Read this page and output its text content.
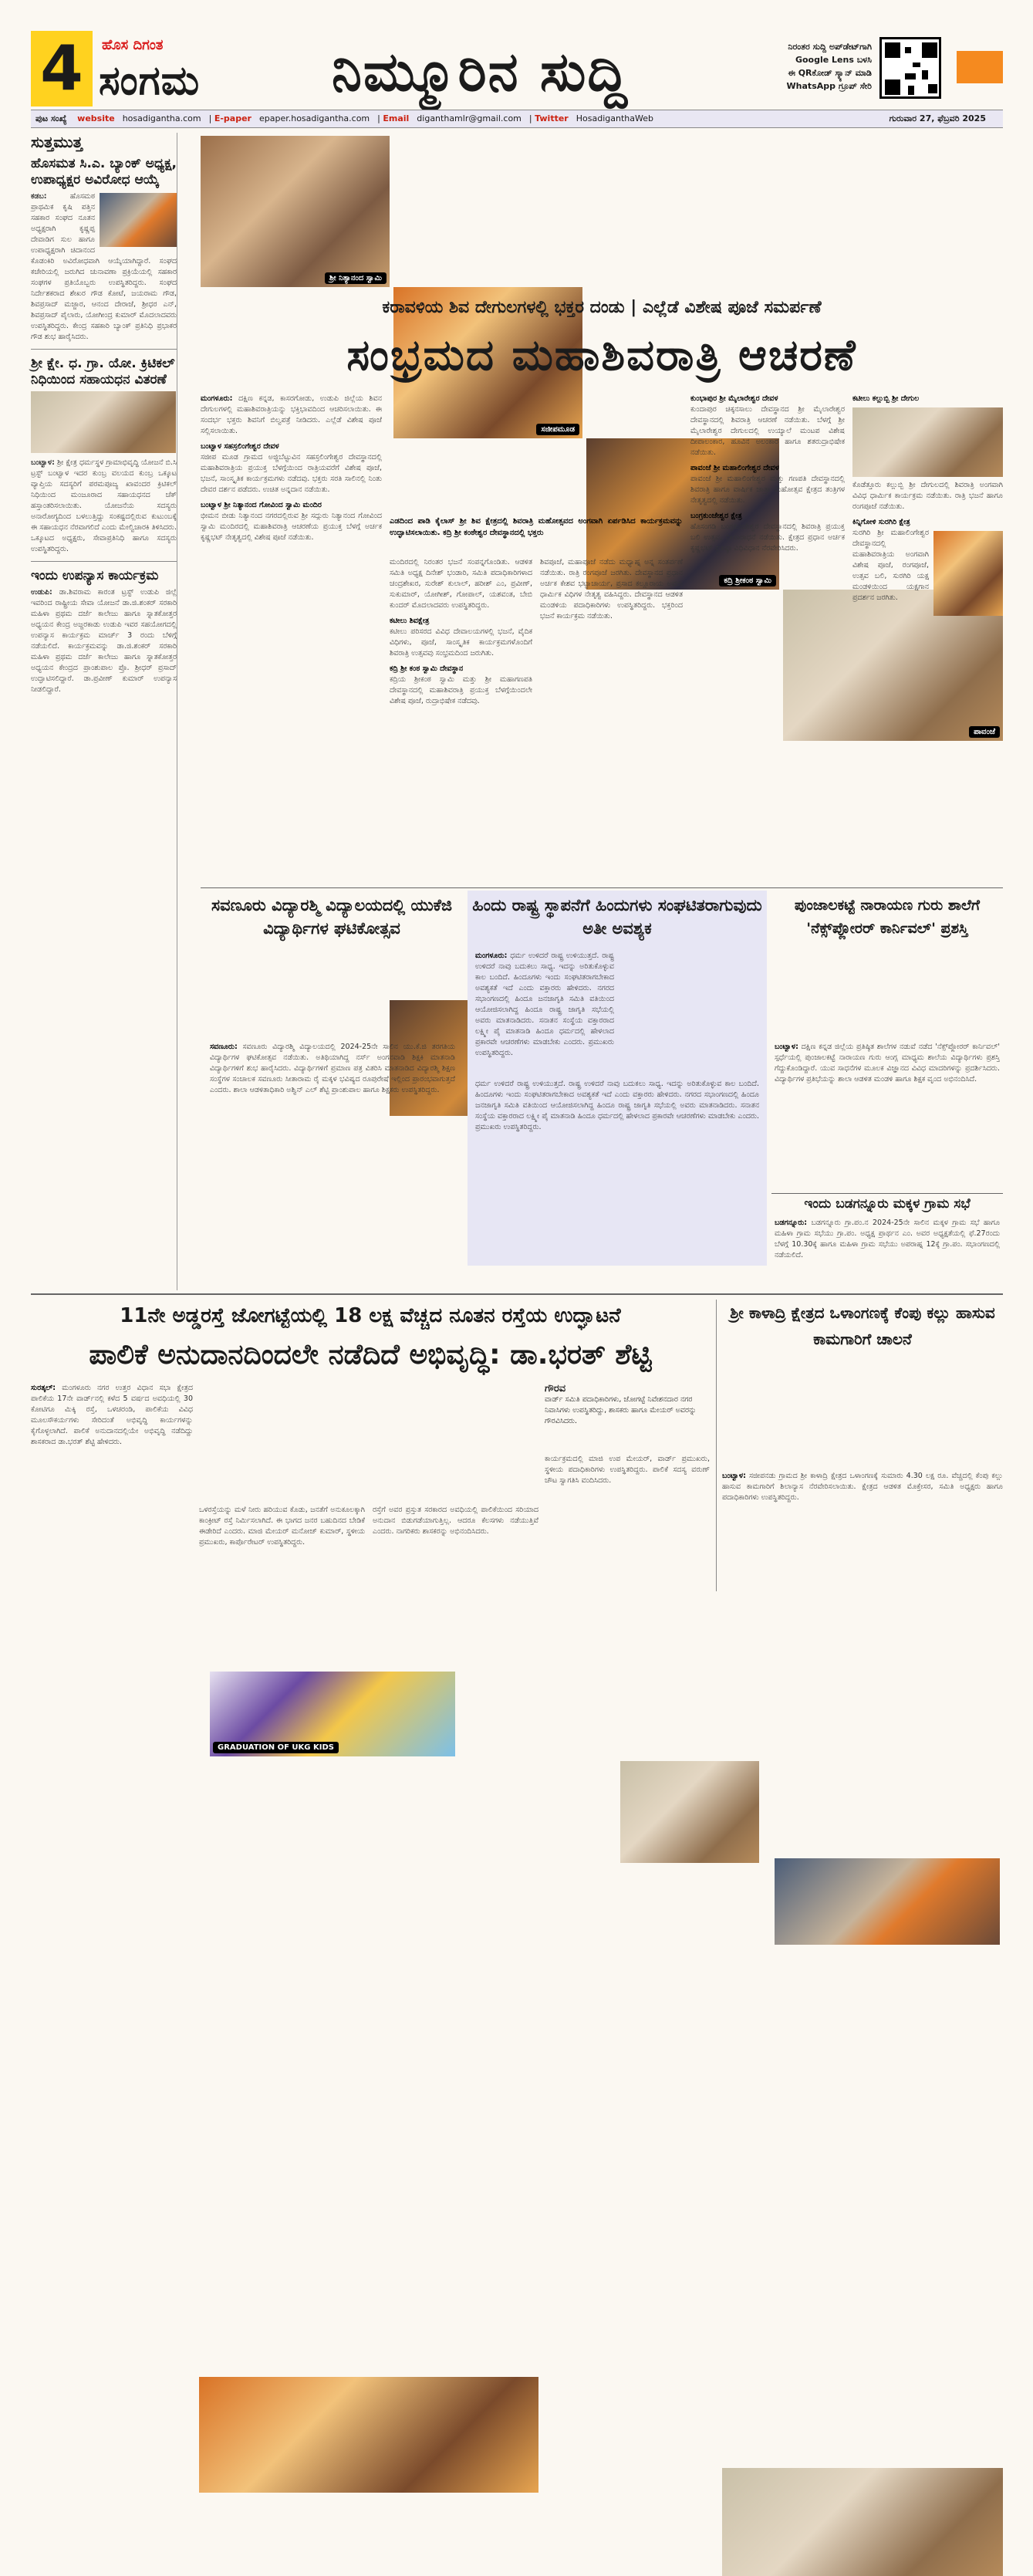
4	ಹೊಸ ದಿಗಂತ
ಸಂಗಮ	ನಿಮ್ಮೂರಿನ ಸುದ್ದಿ	ನಿರಂತರ ಸುದ್ದಿ ಅಪ್‌ಡೇಟ್‌ಗಾಗಿ
Google Lens ಬಳಸಿ
ಈ QRಕೋಡ್ ಸ್ಕ್ಯಾನ್ ಮಾಡಿ
WhatsApp ಗ್ರೂಪ್ ಸೇರಿ
ಪುಟ ಸಂಖ್ಯೆ website hosadigantha.com | E-paper epaper.hosadigantha.com | Email diganthamlr@gmail.com | Twitter HosadiganthaWeb	ಗುರುವಾರ 27, ಫೆಬ್ರವರಿ 2025
ಸುತ್ತಮುತ್ತ
ಹೊಸಮತ ಸಿ.ಎ. ಬ್ಯಾಂಕ್ ಅಧ್ಯಕ್ಷ, ಉಪಾಧ್ಯಕ್ಷರ ಅವಿರೋಧ ಆಯ್ಕೆ
ಕಡಬ:	ಹೊಸಮಠ ಪ್ರಾಥಮಿಕ ಕೃಷಿ ಪತ್ತಿನ ಸಹಕಾರ ಸಂಘದ ನೂತನ ಅಧ್ಯಕ್ಷರಾಗಿ ಕೃಷ್ಣಪ್ಪ ದೇವಾಡಿಗ ಸುಲ ಹಾಗೂ ಉಪಾಧ್ಯಕ್ಷರಾಗಿ ಚಿದಾನಂದ ಕೊಡಂಕಿರಿ ಅವಿರೋಧವಾಗಿ ಆಯ್ಕೆಯಾಗಿದ್ದಾರೆ. ಸಂಘದ ಕಚೇರಿಯಲ್ಲಿ ಜರುಗಿದ ಚುನಾವಣಾ ಪ್ರಕ್ರಿಯೆಯಲ್ಲಿ ಸಹಕಾರ ಸಂಘಗಳ ಪ್ರತಿಯೊಬ್ಬರು ಉಪಸ್ಥಿತರಿದ್ದರು. ಸಂಘದ ನಿರ್ದೇಶಕರಾದ ಶೇಖರ ಗೌಡ ಕೋಟೆ, ಜಯರಾಮ ಗೌಡ, ಶಿವಪ್ರಸಾದ್ ಮಜ್ಜಾರ, ಆನಂದ ದೇರಾಜೆ, ಶ್ರೀಧರ ಎನ್, ಶಿವಪ್ರಸಾದ್ ಪೈಲಾರು, ಯೋಗೀಂದ್ರ ಕುಮಾರ್ ಮೊದಲಾದವರು ಉಪಸ್ಥಿತರಿದ್ದರು. ಕೇಂದ್ರ ಸಹಕಾರಿ ಬ್ಯಾಂಕ್ ಪ್ರತಿನಿಧಿ ಪ್ರಭಾಕರ ಗೌಡ ಶುಭ ಹಾರೈಸಿದರು.
ಶ್ರೀ ಕ್ಷೇ. ಧ. ಗ್ರಾ. ಯೋ. ಕ್ರಿಟಿಕಲ್ ನಿಧಿಯಿಂದ ಸಹಾಯಧನ ವಿತರಣೆ
ಬಂಟ್ವಾಳ: ಶ್ರೀ ಕ್ಷೇತ್ರ ಧರ್ಮಸ್ಥಳ ಗ್ರಾಮಾಭಿವೃದ್ಧಿ ಯೋಜನೆ ಬಿ.ಸಿ ಟ್ರಸ್ಟ್ ಬಂಟ್ವಾಳ ಇದರ ಕುಂಬ್ರ ವಲಯದ ಕುಂಬ್ರ ಒಕ್ಕೂಟ ವ್ಯಾಪ್ತಿಯ ಸದಸ್ಯರಿಗೆ ಪರಮಪೂಜ್ಯ ಖಾವಂದರ ಕ್ರಿಟಿಕಲ್ ನಿಧಿಯಿಂದ ಮಂಜೂರಾದ ಸಹಾಯಧನದ ಚೆಕ್ ಹಸ್ತಾಂತರಿಸಲಾಯಿತು. ಯೋಜನೆಯ ಸದಸ್ಯರು ಅನಾರೋಗ್ಯದಿಂದ ಬಳಲುತ್ತಿದ್ದು ಸಂಕಷ್ಟದಲ್ಲಿರುವ ಕುಟುಂಬಕ್ಕೆ ಈ ಸಹಾಯಧನ ನೆರವಾಗಲಿದೆ ಎಂದು ಮೇಲ್ವಿಚಾರಕಿ ತಿಳಿಸಿದರು. ಒಕ್ಕೂಟದ ಅಧ್ಯಕ್ಷರು, ಸೇವಾಪ್ರತಿನಿಧಿ ಹಾಗೂ ಸದಸ್ಯರು ಉಪಸ್ಥಿತರಿದ್ದರು.
ಇಂದು ಉಪನ್ಯಾಸ ಕಾರ್ಯಕ್ರಮ
ಉಡುಪಿ: ಡಾ.ಶಿವರಾಮ ಕಾರಂತ ಟ್ರಸ್ಟ್ ಉಡುಪಿ ಜಿಲ್ಲೆ ಇವರಿಂದ ರಾಷ್ಟ್ರೀಯ ಸೇವಾ ಯೋಜನೆ ಡಾ.ಜಿ.ಶಂಕರ್ ಸರಕಾರಿ ಮಹಿಳಾ ಪ್ರಥಮ ದರ್ಜೆ ಕಾಲೇಜು ಹಾಗೂ ಸ್ನಾತಕೋತ್ತರ ಅಧ್ಯಯನ ಕೇಂದ್ರ ಅಜ್ಜರಕಾಡು ಉಡುಪಿ ಇವರ ಸಹಯೋಗದಲ್ಲಿ ಉಪನ್ಯಾಸ ಕಾರ್ಯಕ್ರಮ ಮಾರ್ಚ್ 3 ರಂದು ಬೆಳಿಗ್ಗೆ ನಡೆಯಲಿದೆ. ಕಾರ್ಯಕ್ರಮವನ್ನು ಡಾ.ಜಿ.ಶಂಕರ್ ಸರಕಾರಿ ಮಹಿಳಾ ಪ್ರಥಮ ದರ್ಜೆ ಕಾಲೇಜು ಹಾಗೂ ಸ್ನಾತಕೋತ್ತರ ಅಧ್ಯಯನ ಕೇಂದ್ರದ ಪ್ರಾಂಶುಪಾಲ ಪ್ರೊ. ಶ್ರೀಧರ್ ಪ್ರಸಾದ್ ಉದ್ಘಾಟಿಸಲಿದ್ದಾರೆ. ಡಾ.ಪ್ರವೀಣ್ ಕುಮಾರ್ ಉಪನ್ಯಾಸ ನೀಡಲಿದ್ದಾರೆ.
ಶ್ರೀ ನಿತ್ಯಾನಂದ ಸ್ವಾಮಿ
ಸಜೀಪಮೂಡ
ಕದ್ರಿ ಶ್ರೀಕಂಠ ಸ್ವಾಮಿ
ಪಾವಂಜೆ
ಕರಾವಳಿಯ ಶಿವ ದೇಗುಲಗಳಲ್ಲಿ ಭಕ್ತರ ದಂಡು | ಎಲ್ಲೆಡೆ ವಿಶೇಷ ಪೂಜೆ ಸಮರ್ಪಣೆ
ಸಂಭ್ರಮದ ಮಹಾಶಿವರಾತ್ರಿ ಆಚರಣೆ
ಮಂಗಳೂರು: ದಕ್ಷಿಣ ಕನ್ನಡ, ಕಾಸರಗೋಡು, ಉಡುಪಿ ಜಿಲ್ಲೆಯ ಶಿವನ ದೇಗುಲಗಳಲ್ಲಿ ಮಹಾಶಿವರಾತ್ರಿಯನ್ನು ಭಕ್ತಿಭಾವದಿಂದ ಆಚರಿಸಲಾಯಿತು. ಈ ಸಂದರ್ಭ ಭಕ್ತರು ಶಿವನಿಗೆ ಬಿಲ್ವಪತ್ರೆ ನೀಡಿದರು. ಎಲ್ಲೆಡೆ ವಿಶೇಷ ಪೂಜೆ ಸಲ್ಲಿಸಲಾಯಿತು.
ಬಂಟ್ವಾಳ ಸಹಸ್ರಲಿಂಗೇಶ್ವರ ದೇವಳ
ಸಜೀಪ ಮೂಡ ಗ್ರಾಮದ ಅಜ್ಜಿಬೆಟ್ಟುವಿನ ಸಹಸ್ರಲಿಂಗೇಶ್ವರ ದೇವಸ್ಥಾನದಲ್ಲಿ ಮಹಾಶಿವರಾತ್ರಿಯ ಪ್ರಯುಕ್ತ ಬೆಳಗ್ಗೆಯಿಂದ ರಾತ್ರಿಯವರೆಗೆ ವಿಶೇಷ ಪೂಜೆ, ಭಜನೆ, ಸಾಂಸ್ಕೃತಿಕ ಕಾರ್ಯಕ್ರಮಗಳು ನಡೆದವು. ಭಕ್ತರು ಸರತಿ ಸಾಲಿನಲ್ಲಿ ನಿಂತು ದೇವರ ದರ್ಶನ ಪಡೆದರು. ಉಚಿತ ಅನ್ನದಾನ ನಡೆಯಿತು.
ಬಂಟ್ವಾಳ ಶ್ರೀ ನಿತ್ಯಾನಂದ ಗೋವಿಂದ ಸ್ವಾಮಿ ಮಂದಿರ
ಭೀಮನ ಬೀಡು ನಿತ್ಯಾನಂದ ನಗರದಲ್ಲಿರುವ ಶ್ರೀ ಸದ್ಗುರು ನಿತ್ಯಾನಂದ ಗೋವಿಂದ ಸ್ವಾಮಿ ಮಂದಿರದಲ್ಲಿ ಮಹಾಶಿವರಾತ್ರಿ ಆಚರಣೆಯ ಪ್ರಯುಕ್ತ ಬೆಳಗ್ಗೆ ಅರ್ಚಕ ಕೃಷ್ಣಭಟ್ ನೇತೃತ್ವದಲ್ಲಿ ವಿಶೇಷ ಪೂಜೆ ನಡೆಯಿತು.
ಎಡದಿಂದ ಪಾಡಿ ಕೈಲಾಸ್ ಶ್ರೀ ಶಿವ ಕ್ಷೇತ್ರದಲ್ಲಿ ಶಿವರಾತ್ರಿ ಮಹೋತ್ಸವದ ಅಂಗವಾಗಿ ಏರ್ಪಡಿಸಿದ ಕಾರ್ಯಕ್ರಮವನ್ನು ಉದ್ಘಾಟಿಸಲಾಯಿತು. ಕದ್ರಿ ಶ್ರೀ ಕಂಠೇಶ್ವರ ದೇವಸ್ಥಾನದಲ್ಲಿ ಭಕ್ತರು
ಮಂದಿರದಲ್ಲಿ ನಿರಂತರ ಭಜನೆ ಸಂಪನ್ನಗೊಂಡಿತು. ಆಡಳಿತ ಸಮಿತಿ ಅಧ್ಯಕ್ಷ ದಿನೇಶ್ ಭಂಡಾರಿ, ಸಮಿತಿ ಪದಾಧಿಕಾರಿಗಳಾದ ಚಂದ್ರಶೇಖರ, ಸುರೇಶ್ ಕುಲಾಲ್, ಹರೀಶ್ ಎಂ, ಪ್ರವೀಣ್, ಸುಕುಮಾರ್, ಯೋಗೀಶ್, ಗೋಪಾಲ್, ಯಶವಂತ, ಬೇಬಿ ಕುಂದರ್ ಮೊದಲಾದವರು ಉಪಸ್ಥಿತರಿದ್ದರು.
ಕಟೀಲು ಶಿವಕ್ಷೇತ್ರ
ಕಟೀಲು ಪರಿಸರದ ವಿವಿಧ ದೇವಾಲಯಗಳಲ್ಲಿ ಭಜನೆ, ವೈದಿಕ ವಿಧಿಗಳು, ಪೂಜೆ, ಸಾಂಸ್ಕೃತಿಕ ಕಾರ್ಯಕ್ರಮಗಳೊಂದಿಗೆ ಶಿವರಾತ್ರಿ ಉತ್ಸವವು ಸಂಭ್ರಮದಿಂದ ಜರುಗಿತು.
ಕದ್ರಿ ಶ್ರೀ ಕಂಠ ಸ್ವಾಮಿ ದೇವಸ್ಥಾನ
ಕದ್ರಿಯ ಶ್ರೀಕಂಠ ಸ್ವಾಮಿ ಮತ್ತು ಶ್ರೀ ಮಹಾಗಣಪತಿ ದೇವಸ್ಥಾನದಲ್ಲಿ ಮಹಾಶಿವರಾತ್ರಿ ಪ್ರಯುಕ್ತ ಬೆಳಗ್ಗೆಯಿಂದಲೇ ವಿಶೇಷ ಪೂಜೆ, ರುದ್ರಾಭಿಷೇಕ ನಡೆದವು.
ಶಿವಪೂಜೆ, ಮಹಾಪೂಜೆ ನಡೆದು ಮಧ್ಯಾಹ್ನ ಅನ್ನ ಸಂತರ್ಪಣೆ ನಡೆಯಿತು. ರಾತ್ರಿ ರಂಗಪೂಜೆ ಜರಗಿತು. ದೇವಸ್ಥಾನದ ಪ್ರಧಾನ ಅರ್ಚಕ ಕೇಶವ ಭಟ್ಟಾಚಾರ್ಯ, ಪ್ರಸಾದ ಕಲ್ಲೂರಾಯ ಅವರು ಧಾರ್ಮಿಕ ವಿಧಿಗಳ ನೇತೃತ್ವ ವಹಿಸಿದ್ದರು. ದೇವಸ್ಥಾನದ ಆಡಳಿತ ಮಂಡಳಿಯ ಪದಾಧಿಕಾರಿಗಳು ಉಪಸ್ಥಿತರಿದ್ದರು. ಭಕ್ತರಿಂದ ಭಜನೆ ಕಾರ್ಯಕ್ರಮ ನಡೆಯಿತು.
ಕುಂಭಾಪುರ ಶ್ರೀ ಮೈಲಾರೇಶ್ವರ ದೇವಳ
ಕುಂದಾಪುರ ಚಿಕ್ಕನಸಾಲು ದೇವಸ್ಥಾನದ ಶ್ರೀ ಮೈಲಾರೇಶ್ವರ ದೇವಸ್ಥಾನದಲ್ಲಿ ಶಿವರಾತ್ರಿ ಆಚರಣೆ ನಡೆಯಿತು. ಬೆಳಗ್ಗೆ ಶ್ರೀ ಮೈಲಾರೇಶ್ವರ ದೇಗುಲದಲ್ಲಿ ಉಯ್ಯಾಲೆ ಮಂಟಪ ವಿಶೇಷ ದೀಪಾಲಂಕಾರ, ಹೂವಿನ ಅಲಂಕಾರ ಹಾಗೂ ಶತರುದ್ರಾಭಿಷೇಕ ನಡೆಯಿತು.
ಪಾವಂಜೆ ಶ್ರೀ ಮಹಾಲಿಂಗೇಶ್ವರ ದೇವಳ
ಪಾವಂಜೆ ಶ್ರೀ ಮಹಾಲಿಂಗೇಶ್ವರ ಮತ್ತು ಗಣಪತಿ ದೇವಸ್ಥಾನದಲ್ಲಿ ಶಿವರಾತ್ರಿ ಹಾಗೂ ವಾರ್ಷಿಕ ಜಾತ್ರಾ ಮಹೋತ್ಸವ ಕ್ಷೇತ್ರದ ತಂತ್ರಿಗಳ ನೇತೃತ್ವದಲ್ಲಿ ನಡೆಯಿತು.
ಬಂಗ್ರಕುಂಜೇಶ್ವರ ಕ್ಷೇತ್ರ
ಹೊಸಂಗಡಿ ಬಂಗ್ರಕುಂಜೇಶ್ವರ ದೇವಸ್ಥಾನದಲ್ಲಿ ಶಿವರಾತ್ರಿ ಪ್ರಯುಕ್ತ ಬಲಿ ಉತ್ಸವ, ದೀಪಾರಾಧನೆ ನಡೆಯಿತು. ಕ್ಷೇತ್ರದ ಪ್ರಧಾನ ಅರ್ಚಕ ಕೃಷ್ಣಭಟ್ ಪ್ರತಿಷ್ಠಾ ವಿಧಿವಿಧಾನ ನೆರವೇರಿಸಿದರು.
ಕಟೀಲು ಕಲ್ಲುಬ್ಬಿ ಶ್ರೀ ದೇಗುಲ
ಕೊಡೆತ್ತೂರು ಕಲ್ಲುಬ್ಬಿ ಶ್ರೀ ದೇಗುಲದಲ್ಲಿ ಶಿವರಾತ್ರಿ ಅಂಗವಾಗಿ ವಿವಿಧ ಧಾರ್ಮಿಕ ಕಾರ್ಯಕ್ರಮ ನಡೆಯಿತು. ರಾತ್ರಿ ಭಜನೆ ಹಾಗೂ ರಂಗಪೂಜೆ ನಡೆಯಿತು.
ಕಿನ್ನಿಗೋಳಿ ಸುರಗಿರಿ ಕ್ಷೇತ್ರ
ಸುರಗಿರಿ ಶ್ರೀ ಮಹಾಲಿಂಗೇಶ್ವರ ದೇವಸ್ಥಾನದಲ್ಲಿ ಮಹಾಶಿವರಾತ್ರಿಯ ಅಂಗವಾಗಿ ವಿಶೇಷ ಪೂಜೆ, ರಂಗಪೂಜೆ, ಉತ್ಸವ ಬಲಿ, ಸುರಗಿರಿ ಯಕ್ಷ ಮಂಡಳಿಯಿಂದ ಯಕ್ಷಗಾನ ಪ್ರದರ್ಶನ ಜರಗಿತು.
ಸವಣೂರು ವಿದ್ಯಾರಶ್ಮಿ ವಿದ್ಯಾಲಯದಲ್ಲಿ ಯುಕೆಜಿ ವಿದ್ಯಾರ್ಥಿಗಳ ಘಟಿಕೋತ್ಸವ
GRADUATION OF UKG KIDS
ಸವಣೂರು: ಸವಣೂರು ವಿದ್ಯಾರಶ್ಮಿ ವಿದ್ಯಾಲಯದಲ್ಲಿ 2024-25ನೇ ಸಾಲಿನ ಯು.ಕೆ.ಜಿ ತರಗತಿಯ ವಿದ್ಯಾರ್ಥಿಗಳ ಘಟಿಕೋತ್ಸವ ನಡೆಯಿತು. ಅತಿಥಿಯಾಗಿದ್ದ ನರ್ಸ್ ಅಂಗನವಾಡಿ ಶಿಕ್ಷಕಿ ಮಾತನಾಡಿ ವಿದ್ಯಾರ್ಥಿಗಳಿಗೆ ಶುಭ ಹಾರೈಸಿದರು. ವಿದ್ಯಾರ್ಥಿಗಳಿಗೆ ಪ್ರಮಾಣ ಪತ್ರ ವಿತರಿಸಿ ಮಾತನಾಡಿದ ವಿದ್ಯಾರಶ್ಮಿ ಶಿಕ್ಷಣ ಸಂಸ್ಥೆಗಳ ಸಂಚಾಲಕ ಸವಣೂರು ಸೀತಾರಾಮ ರೈ ಮಕ್ಕಳ ಭವಿಷ್ಯದ ರೂಪುರೇಷೆ ಇಲ್ಲಿಂದ ಪ್ರಾರಂಭವಾಗುತ್ತದೆ ಎಂದರು. ಶಾಲಾ ಆಡಳಿತಾಧಿಕಾರಿ ಅಶ್ವಿನ್ ಎಲ್ ಶೆಟ್ಟಿ ಪ್ರಾಂಶುಪಾಲ ಹಾಗೂ ಶಿಕ್ಷಕರು ಉಪಸ್ಥಿತರಿದ್ದರು.
ಹಿಂದು ರಾಷ್ಟ್ರ ಸ್ಥಾಪನೆಗೆ ಹಿಂದುಗಳು ಸಂಘಟಿತರಾಗುವುದು ಅತೀ ಅವಶ್ಯಕ
ಮಂಗಳೂರು: ಧರ್ಮ ಉಳಿದರೆ ರಾಷ್ಟ್ರ ಉಳಿಯುತ್ತದೆ. ರಾಷ್ಟ್ರ ಉಳಿದರೆ ನಾವು ಬದುಕಲು ಸಾಧ್ಯ. ಇದನ್ನು ಅರಿತುಕೊಳ್ಳುವ ಕಾಲ ಬಂದಿದೆ. ಹಿಂದೂಗಳು ಇಂದು ಸಂಘಟಿತರಾಗಬೇಕಾದ ಅವಶ್ಯಕತೆ ಇದೆ ಎಂದು ವಕ್ತಾರರು ಹೇಳಿದರು. ನಗರದ ಸಭಾಂಗಣದಲ್ಲಿ ಹಿಂದೂ ಜನಜಾಗೃತಿ ಸಮಿತಿ ವತಿಯಿಂದ ಆಯೋಜಿಸಲಾಗಿದ್ದ ಹಿಂದೂ ರಾಷ್ಟ್ರ ಜಾಗೃತಿ ಸಭೆಯಲ್ಲಿ ಅವರು ಮಾತನಾಡಿದರು. ಸನಾತನ ಸಂಸ್ಥೆಯ ವಕ್ತಾರರಾದ ಲಕ್ಷ್ಮೀ ಪೈ ಮಾತನಾಡಿ ಹಿಂದೂ ಧರ್ಮದಲ್ಲಿ ಹೇಳಲಾದ ಪ್ರಕಾರವೇ ಆಚರಣೆಗಳು ಮಾಡಬೇಕು ಎಂದರು. ಪ್ರಮುಖರು ಉಪಸ್ಥಿತರಿದ್ದರು.
ಧರ್ಮ ಉಳಿದರೆ ರಾಷ್ಟ್ರ ಉಳಿಯುತ್ತದೆ. ರಾಷ್ಟ್ರ ಉಳಿದರೆ ನಾವು ಬದುಕಲು ಸಾಧ್ಯ. ಇದನ್ನು ಅರಿತುಕೊಳ್ಳುವ ಕಾಲ ಬಂದಿದೆ. ಹಿಂದೂಗಳು ಇಂದು ಸಂಘಟಿತರಾಗಬೇಕಾದ ಅವಶ್ಯಕತೆ ಇದೆ ಎಂದು ವಕ್ತಾರರು ಹೇಳಿದರು. ನಗರದ ಸಭಾಂಗಣದಲ್ಲಿ ಹಿಂದೂ ಜನಜಾಗೃತಿ ಸಮಿತಿ ವತಿಯಿಂದ ಆಯೋಜಿಸಲಾಗಿದ್ದ ಹಿಂದೂ ರಾಷ್ಟ್ರ ಜಾಗೃತಿ ಸಭೆಯಲ್ಲಿ ಅವರು ಮಾತನಾಡಿದರು. ಸನಾತನ ಸಂಸ್ಥೆಯ ವಕ್ತಾರರಾದ ಲಕ್ಷ್ಮೀ ಪೈ ಮಾತನಾಡಿ ಹಿಂದೂ ಧರ್ಮದಲ್ಲಿ ಹೇಳಲಾದ ಪ್ರಕಾರವೇ ಆಚರಣೆಗಳು ಮಾಡಬೇಕು ಎಂದರು. ಪ್ರಮುಖರು ಉಪಸ್ಥಿತರಿದ್ದರು.
ಪುಂಜಾಲಕಟ್ಟೆ ನಾರಾಯಣ ಗುರು ಶಾಲೆಗೆ 'ನೆಕ್ಸ್‌ಪ್ಲೋರರ್ ಕಾರ್ನಿವಲ್' ಪ್ರಶಸ್ತಿ
ಬಂಟ್ವಾಳ: ದಕ್ಷಿಣ ಕನ್ನಡ ಜಿಲ್ಲೆಯ ಪ್ರತಿಷ್ಠಿತ ಶಾಲೆಗಳ ನಡುವೆ ನಡೆದ 'ನೆಕ್ಸ್‌ಪ್ಲೋರರ್ ಕಾರ್ನಿವಲ್' ಸ್ಪರ್ಧೆಯಲ್ಲಿ ಪುಂಜಾಲಕಟ್ಟೆ ನಾರಾಯಣ ಗುರು ಆಂಗ್ಲ ಮಾಧ್ಯಮ ಶಾಲೆಯ ವಿದ್ಯಾರ್ಥಿಗಳು ಪ್ರಶಸ್ತಿ ಗೆದ್ದುಕೊಂಡಿದ್ದಾರೆ. ಯುವ ಸಾಧನೆಗಳ ಮೂಲಕ ವಿಜ್ಞಾನದ ವಿವಿಧ ಮಾದರಿಗಳನ್ನು ಪ್ರದರ್ಶಿಸಿದರು. ವಿದ್ಯಾರ್ಥಿಗಳ ಪ್ರತಿಭೆಯನ್ನು ಶಾಲಾ ಆಡಳಿತ ಮಂಡಳಿ ಹಾಗೂ ಶಿಕ್ಷಕ ವೃಂದ ಅಭಿನಂದಿಸಿದೆ.
ಇಂದು ಬಡಗನ್ನೂರು ಮಕ್ಕಳ ಗ್ರಾಮ ಸಭೆ
ಬಡಗನ್ನೂರು: ಬಡಗನ್ನೂರು ಗ್ರಾ.ಪಂ.ನ 2024-25ನೇ ಸಾಲಿನ ಮಕ್ಕಳ ಗ್ರಾಮ ಸಭೆ ಹಾಗೂ ಮಹಿಳಾ ಗ್ರಾಮ ಸಭೆಯು ಗ್ರಾ.ಪಂ. ಅಧ್ಯಕ್ಷ ಪ್ರಾರ್ಥನ ಎಂ. ಅವರ ಅಧ್ಯಕ್ಷತೆಯಲ್ಲಿ ಫೆ.27ರಂದು ಬೆಳಗ್ಗೆ 10.30ಕ್ಕೆ ಹಾಗೂ ಮಹಿಳಾ ಗ್ರಾಮ ಸಭೆಯು ಅಪರಾಹ್ನ 12ಕ್ಕೆ ಗ್ರಾ.ಪಂ. ಸಭಾಂಗಣದಲ್ಲಿ ನಡೆಯಲಿದೆ.
11ನೇ ಅಡ್ಡರಸ್ತೆ ಜೋಗಟ್ಟೆಯಲ್ಲಿ 18 ಲಕ್ಷ ವೆಚ್ಚದ ನೂತನ ರಸ್ತೆಯ ಉದ್ಘಾಟನೆ
ಪಾಲಿಕೆ ಅನುದಾನದಿಂದಲೇ ನಡೆದಿದೆ ಅಭಿವೃದ್ಧಿ: ಡಾ.ಭರತ್ ಶೆಟ್ಟಿ
ಸುರತ್ಕಲ್: ಮಂಗಳೂರು ನಗರ ಉತ್ತರ ವಿಧಾನ ಸಭಾ ಕ್ಷೇತ್ರದ ಪಾಲಿಕೆಯ 17ನೇ ವಾರ್ಡ್‌ನಲ್ಲಿ ಕಳೆದ 5 ವರ್ಷದ ಅವಧಿಯಲ್ಲಿ 30 ಕೋಟಿಗೂ ಮಿಕ್ಕಿ ರಸ್ತೆ, ಒಳಚರಂಡಿ, ಪಾಲಿಕೆಯ ವಿವಿಧ ಮೂಲಸೌಕರ್ಯಗಳು ಸೇರಿದಂತೆ ಅಭಿವೃದ್ಧಿ ಕಾರ್ಯಗಳನ್ನು ಕೈಗೊಳ್ಳಲಾಗಿದೆ. ಪಾಲಿಕೆ ಅನುದಾನದಲ್ಲಿಯೇ ಅಭಿವೃದ್ಧಿ ನಡೆದಿದ್ದು ಶಾಸಕರಾದ ಡಾ.ಭರತ್ ಶೆಟ್ಟಿ ಹೇಳಿದರು.
ಒಳರಸ್ತೆಯನ್ನು ಮಳೆ ನೀರು ಹರಿಯುವ ಕೊಡು, ಜನತೆಗೆ ಅನುಕೂಲಕ್ಕಾಗಿ ಕಾಂಕ್ರೀಟ್ ರಸ್ತೆ ನಿರ್ಮಿಸಲಾಗಿದೆ. ಈ ಭಾಗದ ಜನರ ಬಹುದಿನದ ಬೇಡಿಕೆ ಈಡೇರಿದೆ ಎಂದರು. ಮಾಜಿ ಮೇಯರ್ ಮನೋಜ್ ಕುಮಾರ್, ಸ್ಥಳೀಯ ಪ್ರಮುಖರು, ಕಾರ್ಪೊರೇಟರ್ ಉಪಸ್ಥಿತರಿದ್ದರು.
ರಸ್ತೆಗೆ ಅವರ ಪ್ರಸ್ತುತ ಸರಕಾರದ ಅವಧಿಯಲ್ಲಿ ಪಾಲಿಕೆಯಿಂದ ಸರಿಯಾದ ಅನುದಾನ ಬಿಡುಗಡೆಯಾಗುತ್ತಿಲ್ಲ. ಆದರೂ ಕೆಲಸಗಳು ನಡೆಯುತ್ತಿವೆ ಎಂದರು. ನಾಗರಿಕರು ಶಾಸಕರನ್ನು ಅಭಿನಂದಿಸಿದರು.
ಗೌರವ
ವಾರ್ಡ್ ಸಮಿತಿ ಪದಾಧಿಕಾರಿಗಳು, ಜೋಗಟ್ಟೆ ನಿವೇಶನದಾರ ನಗರ ನಿವಾಸಿಗಳು ಉಪಸ್ಥಿತರಿದ್ದು, ಶಾಸಕರು ಹಾಗೂ ಮೇಯರ್ ಅವರನ್ನು ಗೌರವಿಸಿದರು.
ಕಾರ್ಯಕ್ರಮದಲ್ಲಿ ಮಾಜಿ ಉಪ ಮೇಯರ್, ವಾರ್ಡ್ ಪ್ರಮುಖರು, ಸ್ಥಳೀಯ ಪದಾಧಿಕಾರಿಗಳು ಉಪಸ್ಥಿತರಿದ್ದರು. ಪಾಲಿಕೆ ಸದಸ್ಯ ವರುಣ್ ಚೌಟ ಸ್ವಾಗತಿಸಿ ವಂದಿಸಿದರು.
ಶ್ರೀ ಕಾಳಾದ್ರಿ ಕ್ಷೇತ್ರದ ಒಳಾಂಗಣಕ್ಕೆ ಕೆಂಪು ಕಲ್ಲು ಹಾಸುವ ಕಾಮಗಾರಿಗೆ ಚಾಲನೆ
ಬಂಟ್ವಾಳ: ಸಜೀಪನಡು ಗ್ರಾಮದ ಶ್ರೀ ಕಾಳಾದ್ರಿ ಕ್ಷೇತ್ರದ ಒಳಾಂಗಣಕ್ಕೆ ಸುಮಾರು 4.30 ಲಕ್ಷ ರೂ. ವೆಚ್ಚದಲ್ಲಿ ಕೆಂಪು ಕಲ್ಲು ಹಾಸುವ ಕಾಮಗಾರಿಗೆ ಶಿಲಾನ್ಯಾಸ ನೆರವೇರಿಸಲಾಯಿತು. ಕ್ಷೇತ್ರದ ಆಡಳಿತ ಮೊಕ್ತೇಸರ, ಸಮಿತಿ ಅಧ್ಯಕ್ಷರು ಹಾಗೂ ಪದಾಧಿಕಾರಿಗಳು ಉಪಸ್ಥಿತರಿದ್ದರು.
